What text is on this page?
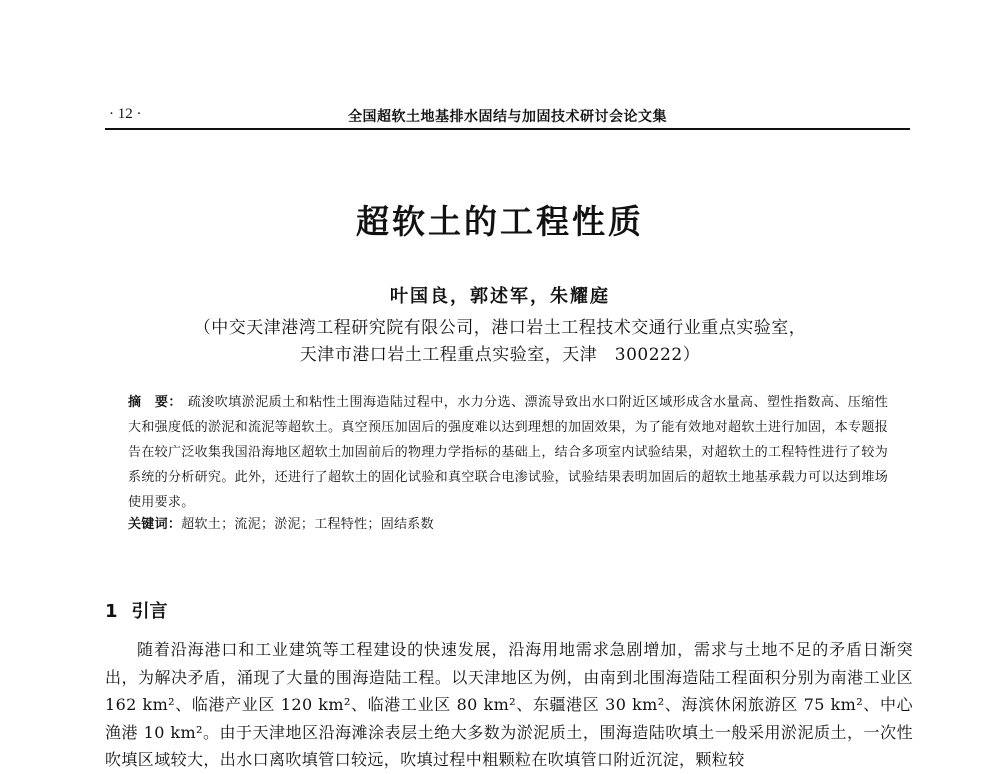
· 12 ·	全国超软土地基排水固结与加固技术研讨会论文集
超软土的工程性质
叶国良，郭述军，朱耀庭
（中交天津港湾工程研究院有限公司，港口岩土工程技术交通行业重点实验室，
天津市港口岩土工程重点实验室，天津　300222）
摘　要： 疏浚吹填淤泥质土和粘性土围海造陆过程中，水力分选、漂流导致出水口附近区域形成含水量高、塑性指数高、压缩性大和强度低的淤泥和流泥等超软土。真空预压加固后的强度难以达到理想的加固效果，为了能有效地对超软土进行加固，本专题报告在较广泛收集我国沿海地区超软土加固前后的物理力学指标的基础上，结合多项室内试验结果，对超软土的工程特性进行了较为系统的分析研究。此外，还进行了超软土的固化试验和真空联合电渗试验，试验结果表明加固后的超软土地基承载力可以达到堆场使用要求。
关键词：超软土；流泥；淤泥；工程特性；固结系数
1 引言

随着沿海港口和工业建筑等工程建设的快速发展，沿海用地需求急剧增加，需求与土地不足的矛盾日渐突出，为解决矛盾，涌现了大量的围海造陆工程。以天津地区为例，由南到北围海造陆工程面积分别为南港工业区 162 km²、临港产业区 120 km²、临港工业区 80 km²、东疆港区 30 km²、海滨休闲旅游区 75 km²、中心渔港 10 km²。由于天津地区沿海滩涂表层土绝大多数为淤泥质土，围海造陆吹填土一般采用淤泥质土，一次性吹填区域较大，出水口离吹填管口较远，吹填过程中粗颗粒在吹填管口附近沉淀，颗粒较
